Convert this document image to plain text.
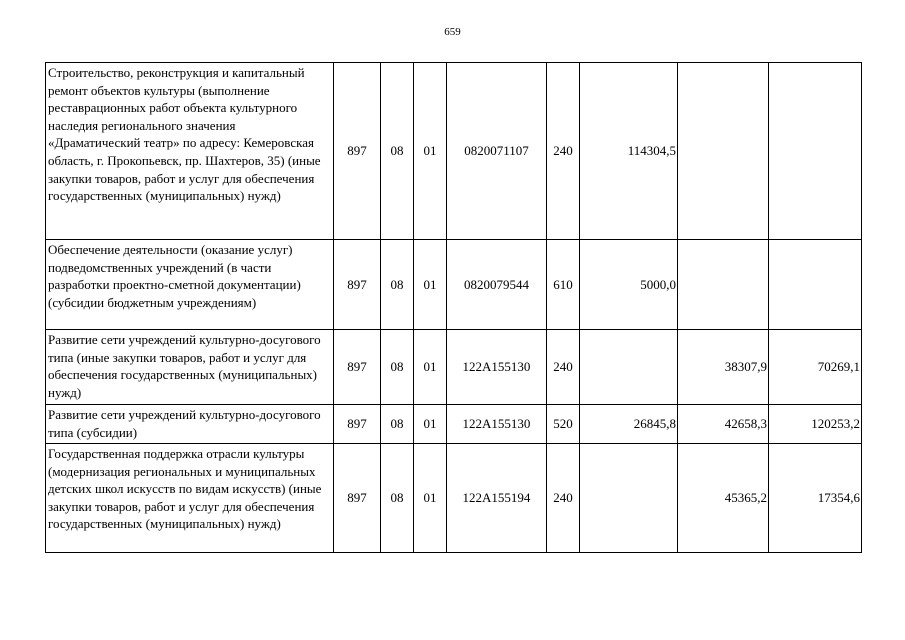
659
Строительство, реконструкция и капитальный ремонт объектов культуры (выполнение реставрационных работ объекта культурного наследия регионального значения «Драматический театр» по адресу: Кемеровская область, г. Прокопьевск, пр. Шахтеров, 35) (иные закупки товаров, работ и услуг для обеспечения государственных (муниципальных) нужд)	897	08	01	0820071107	240	114304,5		
Обеспечение деятельности (оказание услуг) подведомственных учреждений (в части разработки проектно-сметной документации) (субсидии бюджетным учреждениям)	897	08	01	0820079544	610	5000,0		
Развитие сети учреждений культурно-досугового типа (иные закупки товаров, работ и услуг для обеспечения государственных (муниципальных) нужд)	897	08	01	122А155130	240		38307,9	70269,1
Развитие сети учреждений культурно-досугового типа (субсидии)	897	08	01	122А155130	520	26845,8	42658,3	120253,2
Государственная поддержка отрасли культуры (модернизация региональных и муниципальных детских школ искусств по видам искусств) (иные закупки товаров, работ и услуг для обеспечения государственных (муниципальных) нужд)	897	08	01	122А155194	240		45365,2	17354,6
